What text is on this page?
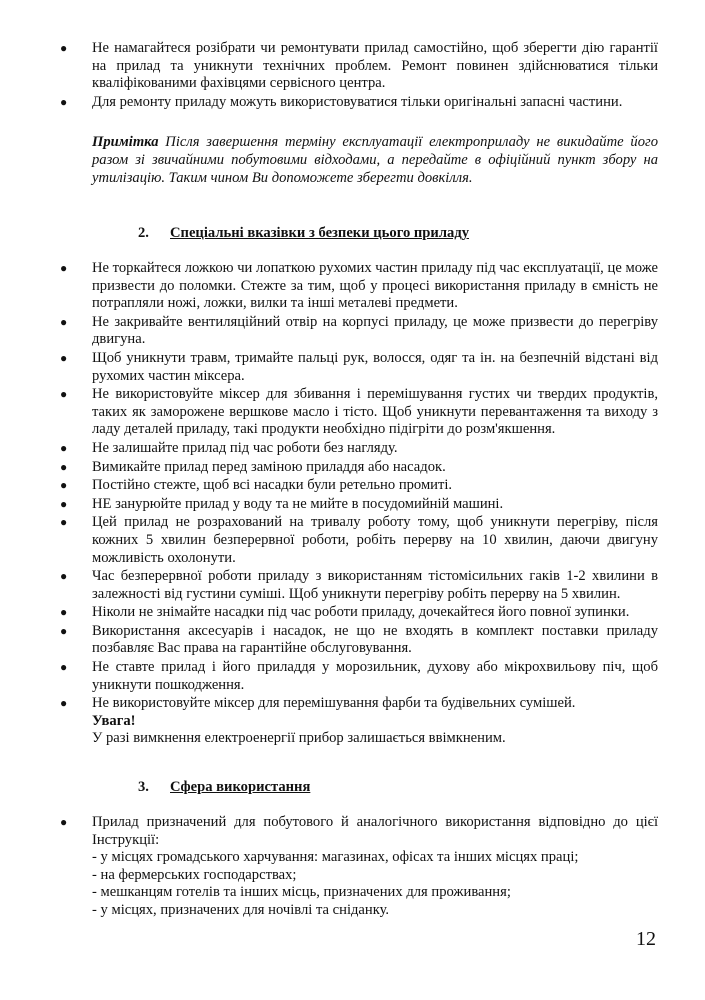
● Не намагайтеся розібрати чи ремонтувати прилад самостійно, щоб зберегти дію гарантії на прилад та уникнути технічних проблем. Ремонт повинен здійснюватися тільки кваліфікованими фахівцями сервісного центра.
● Для ремонту приладу можуть використовуватися тільки оригінальні запасні частини.

Примітка Після завершення терміну експлуатації електроприладу не викидайте його разом зі звичайними побутовими відходами, а передайте в офіційний пункт збору на утилізацію. Таким чином Ви допоможете зберегти довкілля.

2. Спеціальні вказівки з безпеки цього приладу

● Не торкайтеся ложкою чи лопаткою рухомих частин приладу під час експлуатації, це може призвести до поломки. Стежте за тим, щоб у процесі використання приладу в ємність не потрапляли ножі, ложки, вилки та інші металеві предмети.
● Не закривайте вентиляційний отвір на корпусі приладу, це може призвести до перегріву двигуна.
● Щоб уникнути травм, тримайте пальці рук, волосся, одяг та ін. на безпечній відстані від рухомих частин міксера.
● Не використовуйте міксер для збивання і перемішування густих чи твердих продуктів, таких як заморожене вершкове масло і тісто. Щоб уникнути перевантаження та виходу з ладу деталей приладу, такі продукти необхідно підігріти до розм'якшення.
● Не залишайте прилад під час роботи без нагляду.
● Вимикайте прилад перед заміною приладдя або насадок.
● Постійно стежте, щоб всі насадки були ретельно промиті.
● НЕ занурюйте прилад у воду та не мийте в посудомийній машині.
● Цей прилад не розрахований на тривалу роботу тому, щоб уникнути перегріву, після кожних 5 хвилин безперервної роботи, робіть перерву на 10 хвилин, даючи двигуну можливість охолонути.
● Час безперервної роботи приладу з використанням тістомісильних гаків 1-2 хвилини в залежності від густини суміші. Щоб уникнути перегріву робіть перерву на 5 хвилин.
● Ніколи не знімайте насадки під час роботи приладу, дочекайтеся його повної зупинки.
● Використання аксесуарів і насадок, не що не входять в комплект поставки приладу позбавляє Вас права на гарантійне обслуговування.
● Не ставте прилад і його приладдя у морозильник, духову або мікрохвильову піч, щоб уникнути пошкодження.
● Не використовуйте міксер для перемішування фарби та будівельних сумішей.
Увага!
У разі вимкнення електроенергії прибор залишається ввімкненим.

3. Сфера використання

● Прилад призначений для побутового й аналогічного використання відповідно до цієї Інструкції:
- у місцях громадського харчування: магазинах, офісах та інших місцях праці;
- на фермерських господарствах;
- мешканцям готелів та інших місць, призначених для проживання;
- у місцях, призначених для ночівлі та сніданку.

12
